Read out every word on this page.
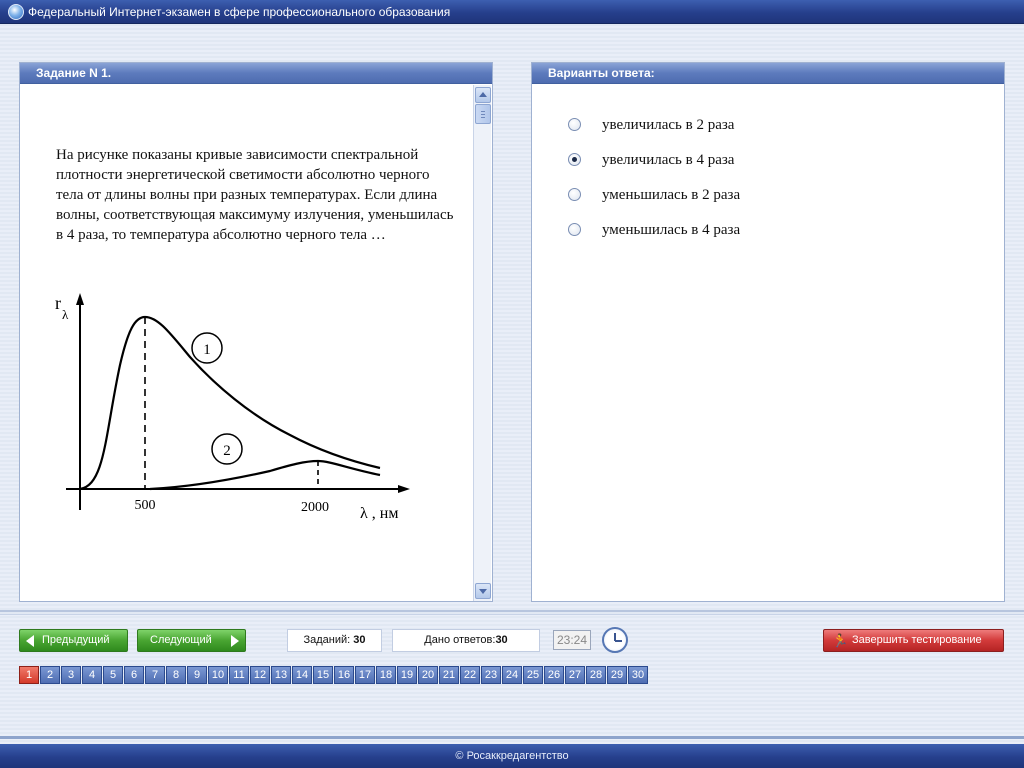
Федеральный Интернет-экзамен в сфере профессионального образования
Задание N 1.
На рисунке показаны кривые зависимости спектральной плотности энергетической светимости абсолютно черного тела от длины волны при разных температурах. Если длина волны, соответствующая максимуму излучения, уменьшилась в 4 раза, то температура абсолютно черного тела …
1
2
r
λ
500	2000 λ , нм
Варианты ответа:
увеличилась в 2 раза
увеличилась в 4 раза
уменьшилась в 2 раза
уменьшилась в 4 раза
Предыдущий	Следующий	Заданий: 30	Дано ответов:30	23:24	🏃 Завершить тестирование
1	2	3	4	5	6	7	8	9	10 11 12 13 14 15 16 17 18 19 20 21 22 23 24 25 26 27 28 29 30
© Росаккредагентство
